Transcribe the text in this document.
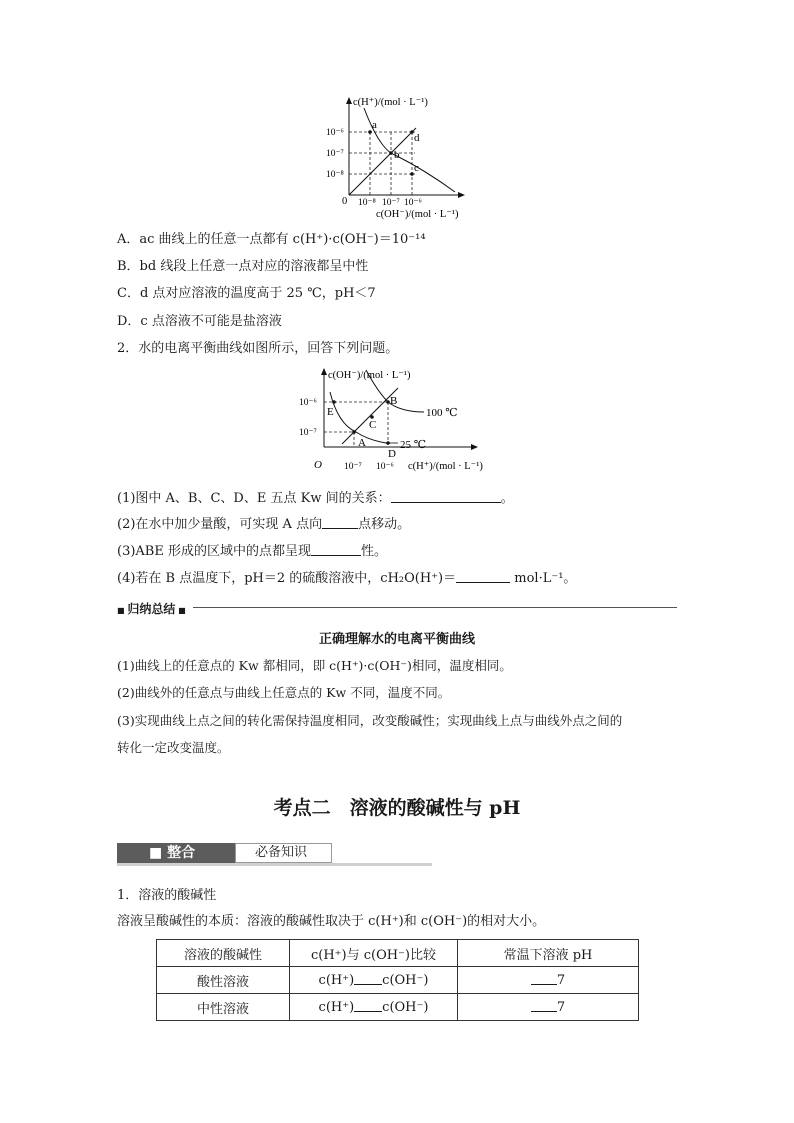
a
b
c
d
c(H⁺)/(mol · L⁻¹)
c(OH⁻)/(mol · L⁻¹)
0
10⁻⁶
10⁻⁷
10⁻⁸
10⁻⁸ 10⁻⁷ 10⁻⁶
A．ac 曲线上的任意一点都有 c(H⁺)·c(OH⁻)＝10⁻¹⁴
B．bd 线段上任意一点对应的溶液都呈中性
C．d 点对应溶液的温度高于 25 ℃，pH＜7
D．c 点溶液不可能是盐溶液
2．水的电离平衡曲线如图所示，回答下列问题。
A
B
C
D
E	100 ℃
25 ℃
c(OH⁻)/(mol · L⁻¹)
c(H⁺)/(mol · L⁻¹)
O
10⁻⁶
10⁻⁷
10⁻⁷ 10⁻⁶
(1)图中 A、B、C、D、E 五点 Kw 间的关系：	。
(2)在水中加少量酸，可实现 A 点向	点移动。
(3)ABE 形成的区域中的点都呈现	性。
(4)若在 B 点温度下，pH＝2 的硫酸溶液中，cH₂O(H⁺)＝	mol·L⁻¹。
■ 归纳总结 ■
正确理解水的电离平衡曲线
(1)曲线上的任意点的 Kw 都相同，即 c(H⁺)·c(OH⁻)相同，温度相同。
(2)曲线外的任意点与曲线上任意点的 Kw 不同，温度不同。
(3)实现曲线上点之间的转化需保持温度相同，改变酸碱性；实现曲线上点与曲线外点之间的
转化一定改变温度。
考点二　溶液的酸碱性与 pH
■ 整合	必备知识
1．溶液的酸碱性
溶液呈酸碱性的本质：溶液的酸碱性取决于 c(H⁺)和 c(OH⁻)的相对大小。
溶液的酸碱性	c(H⁺)与 c(OH⁻)比较	常温下溶液 pH
酸性溶液	c(H⁺) c(OH⁻)	7
中性溶液	c(H⁺) c(OH⁻)	7
